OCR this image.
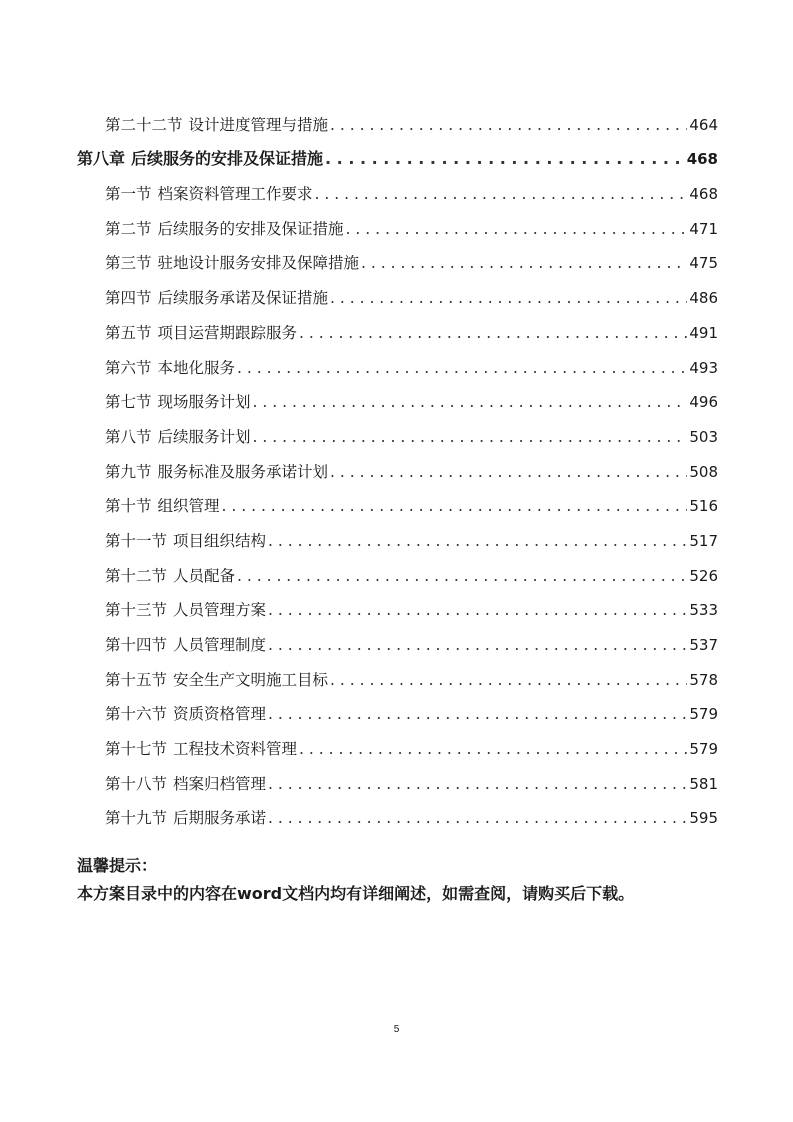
第二十二节 设计进度管理与措施 . . .	464
第八章 后续服务的安排及保证措施 . . .	468
第一节 档案资料管理工作要求 . . .	468
第二节 后续服务的安排及保证措施 . . .	471
第三节 驻地设计服务安排及保障措施 . . .	475
第四节 后续服务承诺及保证措施 . . .	486
第五节 项目运营期跟踪服务 . . .	491
第六节 本地化服务 . . .	493
第七节 现场服务计划 . . .	496
第八节 后续服务计划 . . .	503
第九节 服务标准及服务承诺计划 . . .	508
第十节 组织管理 . . .	516
第十一节 项目组织结构 . . .	517
第十二节 人员配备 . . .	526
第十三节 人员管理方案 . . .	533
第十四节 人员管理制度 . . .	537
第十五节 安全生产文明施工目标 . . .	578
第十六节 资质资格管理 . . .	579
第十七节 工程技术资料管理 . . .	579
第十八节 档案归档管理 . . .	581
第十九节 后期服务承诺 . . .	595
温馨提示：
本方案目录中的内容在word文档内均有详细阐述，如需查阅，请购买后下载。
5
